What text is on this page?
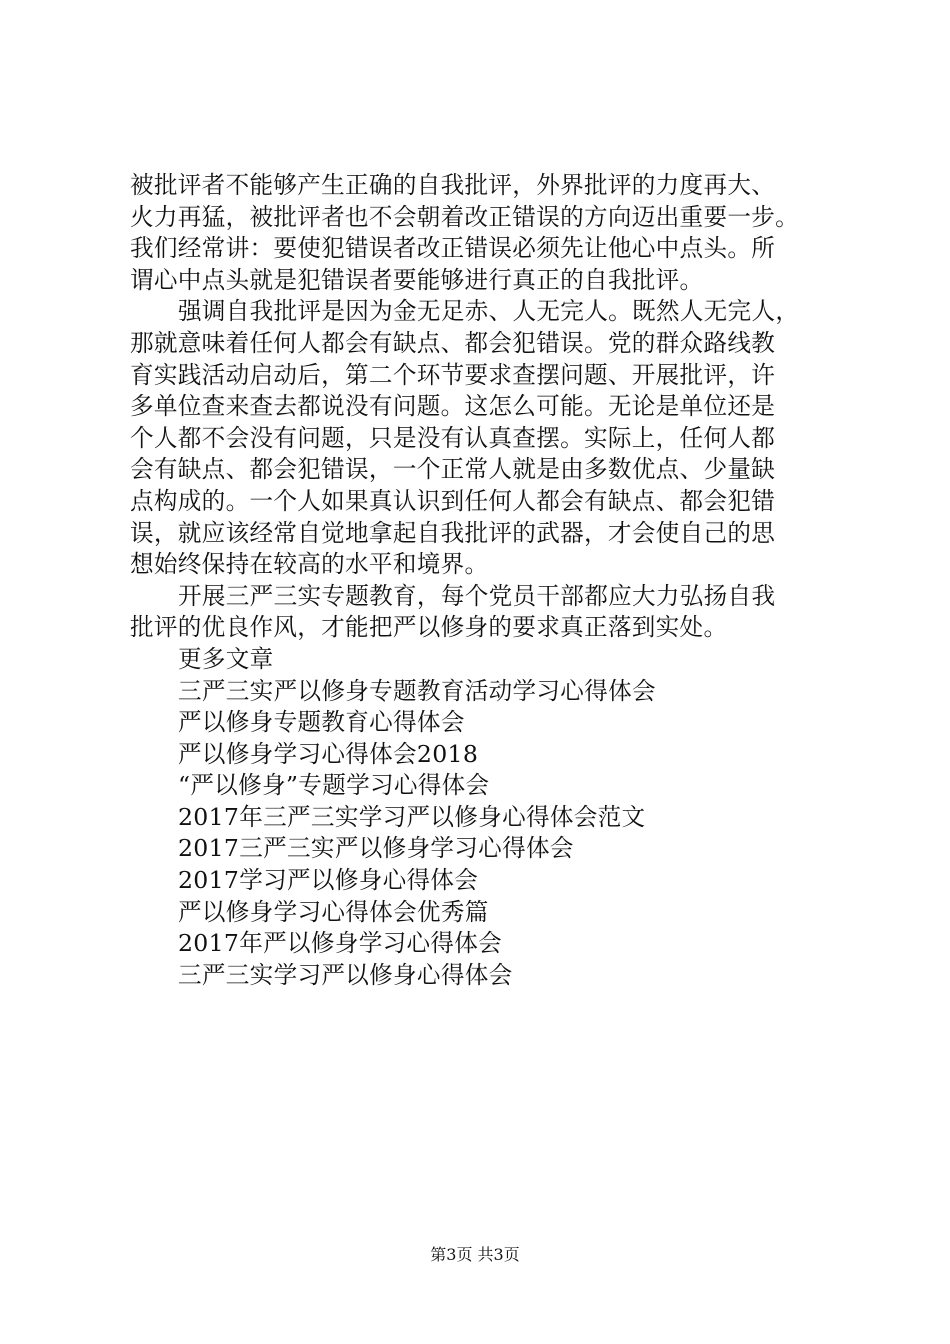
被批评者不能够产生正确的自我批评，外界批评的力度再大、
火力再猛，被批评者也不会朝着改正错误的方向迈出重要一步。
我们经常讲：要使犯错误者改正错误必须先让他心中点头。所
谓心中点头就是犯错误者要能够进行真正的自我批评。
强调自我批评是因为金无足赤、人无完人。既然人无完人，
那就意味着任何人都会有缺点、都会犯错误。党的群众路线教
育实践活动启动后，第二个环节要求查摆问题、开展批评，许
多单位查来查去都说没有问题。这怎么可能。无论是单位还是
个人都不会没有问题，只是没有认真查摆。实际上，任何人都
会有缺点、都会犯错误，一个正常人就是由多数优点、少量缺
点构成的。一个人如果真认识到任何人都会有缺点、都会犯错
误，就应该经常自觉地拿起自我批评的武器，才会使自己的思
想始终保持在较高的水平和境界。
开展三严三实专题教育，每个党员干部都应大力弘扬自我
批评的优良作风，才能把严以修身的要求真正落到实处。
更多文章
三严三实严以修身专题教育活动学习心得体会
严以修身专题教育心得体会
严以修身学习心得体会2018
“严以修身”专题学习心得体会
2017年三严三实学习严以修身心得体会范文
2017三严三实严以修身学习心得体会
2017学习严以修身心得体会
严以修身学习心得体会优秀篇
2017年严以修身学习心得体会
三严三实学习严以修身心得体会
第3页 共3页
